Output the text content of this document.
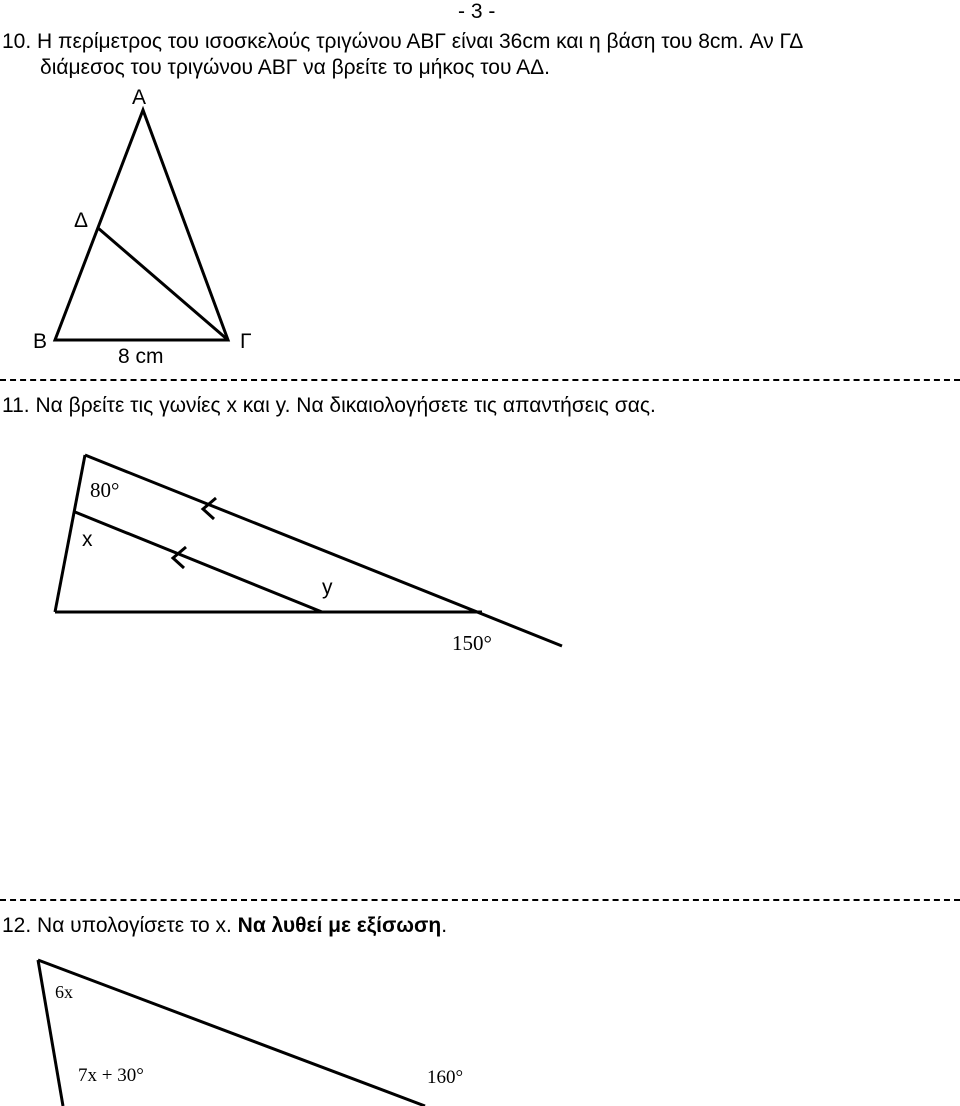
- 3 -
10. Η περίμετρος του ισοσκελούς τριγώνου ΑΒΓ είναι 36cm και η βάση του 8cm. Αν ΓΔ
διάμεσος του τριγώνου ΑΒΓ να βρείτε το μήκος του ΑΔ.
Α
Δ
Β	Γ
8 cm
11. Να βρείτε τις γωνίες x και y. Να δικαιολογήσετε τις απαντήσεις σας.
80°
x
y
150°
12. Να υπολογίσετε το x. Να λυθεί με εξίσωση.
6x
7x + 30°	160°
